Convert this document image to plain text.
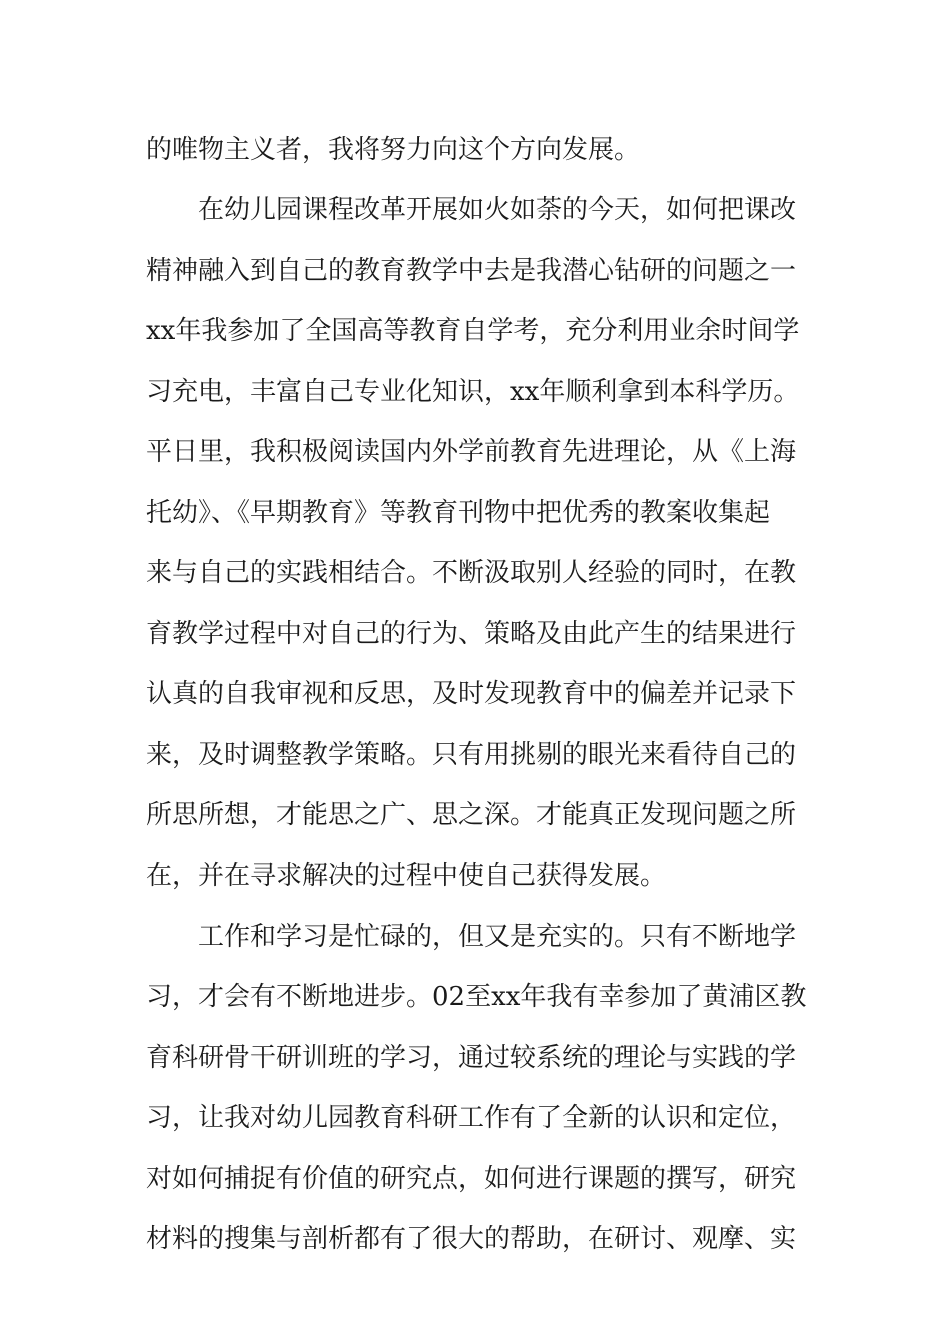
的唯物主义者，我将努力向这个方向发展。
在幼儿园课程改革开展如火如荼的今天，如何把课改
精神融入到自己的教育教学中去是我潜心钻研的问题之一
xx年我参加了全国高等教育自学考，充分利用业余时间学
习充电，丰富自己专业化知识，xx年顺利拿到本科学历。
平日里，我积极阅读国内外学前教育先进理论，从《上海
托幼》、《早期教育》等教育刊物中把优秀的教案收集起
来与自己的实践相结合。不断汲取别人经验的同时，在教
育教学过程中对自己的行为、策略及由此产生的结果进行
认真的自我审视和反思，及时发现教育中的偏差并记录下
来，及时调整教学策略。只有用挑剔的眼光来看待自己的
所思所想，才能思之广、思之深。才能真正发现问题之所
在，并在寻求解决的过程中使自己获得发展。
工作和学习是忙碌的，但又是充实的。只有不断地学
习，才会有不断地进步。02至xx年我有幸参加了黄浦区教
育科研骨干研训班的学习，通过较系统的理论与实践的学
习，让我对幼儿园教育科研工作有了全新的认识和定位，
对如何捕捉有价值的研究点，如何进行课题的撰写，研究
材料的搜集与剖析都有了很大的帮助，在研讨、观摩、实
